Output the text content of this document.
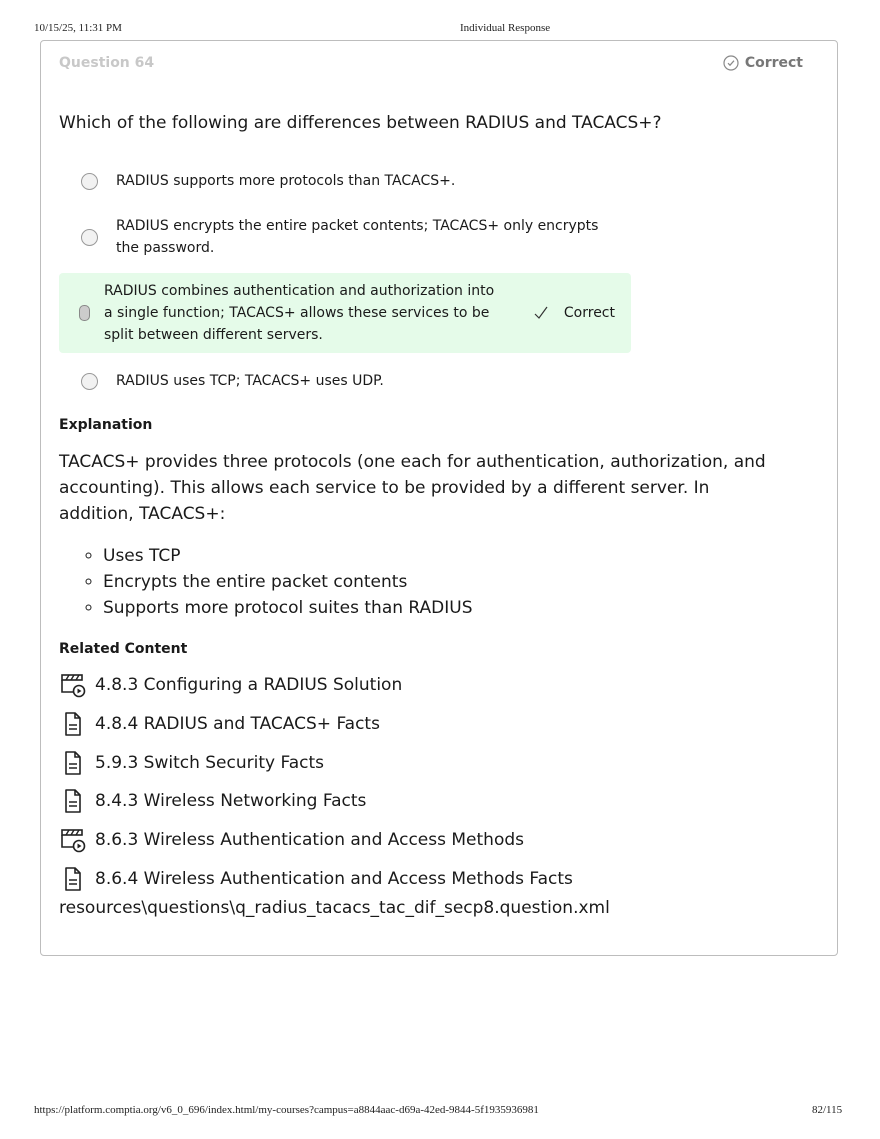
10/15/25, 11:31 PM	Individual Response
Question 64	Correct
Which of the following are differences between RADIUS and TACACS+?
RADIUS supports more protocols than TACACS+.
RADIUS encrypts the entire packet contents; TACACS+ only encrypts the password.
RADIUS combines authentication and authorization into a single function; TACACS+ allows these services to be split between different servers.
Correct
RADIUS uses TCP; TACACS+ uses UDP.
Explanation
TACACS+ provides three protocols (one each for authentication, authorization, and accounting). This allows each service to be provided by a different server. In addition, TACACS+:
◦ Uses TCP
◦ Encrypts the entire packet contents
◦ Supports more protocol suites than RADIUS
Related Content
4.8.3 Configuring a RADIUS Solution
4.8.4 RADIUS and TACACS+ Facts
5.9.3 Switch Security Facts
8.4.3 Wireless Networking Facts
8.6.3 Wireless Authentication and Access Methods
8.6.4 Wireless Authentication and Access Methods Facts
resources\questions\q_radius_tacacs_tac_dif_secp8.question.xml
https://platform.comptia.org/v6_0_696/index.html/my-courses?campus=a8844aac-d69a-42ed-9844-5f1935936981	82/115
